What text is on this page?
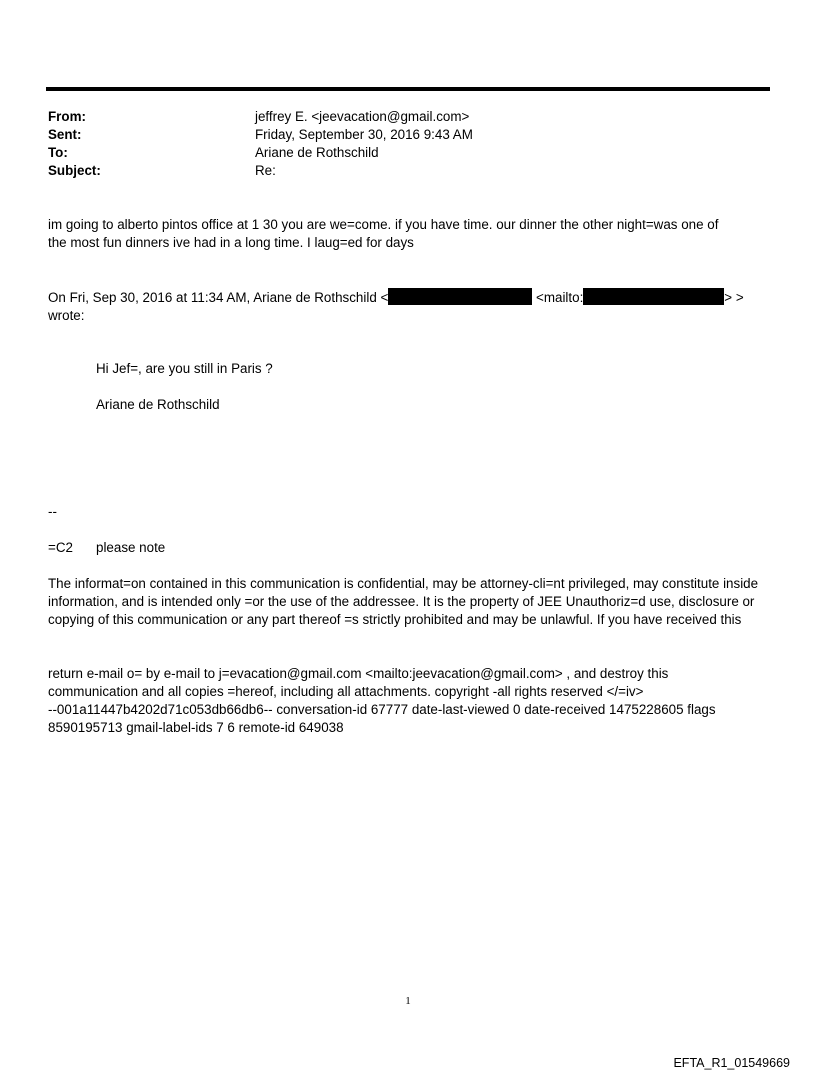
From:	jeffrey E. <jeevacation@gmail.com>
Sent:	Friday, September 30, 2016 9:43 AM
To:	Ariane de Rothschild
Subject:	Re:

im going to alberto pintos office at 1 30 you are we=come. if you have time. our dinner the other night=was one of
the most fun dinners ive had in a long time. I laug=ed for days

On Fri, Sep 30, 2016 at 11:34 AM, Ariane de Rothschild <	<mailto:	> >
wrote:

Hi Jef=, are you still in Paris ?

Ariane de Rothschild

--

=C2 please note

The informat=on contained in this communication is confidential, may be attorney-cli=nt privileged, may constitute inside information, and is intended only =or the use of the addressee. It is the property of JEE Unauthoriz=d use, disclosure or copying of this communication or any part thereof =s strictly prohibited and may be unlawful. If you have received this

return e-mail o= by e-mail to j=evacation@gmail.com <mailto:jeevacation@gmail.com> , and destroy this
communication and all copies =hereof, including all attachments. copyright -all rights reserved </=iv>
--001a11447b4202d71c053db66db6-- conversation-id 67777 date-last-viewed 0 date-received 1475228605 flags
8590195713 gmail-label-ids 7 6 remote-id 649038

1
EFTA_R1_01549669
